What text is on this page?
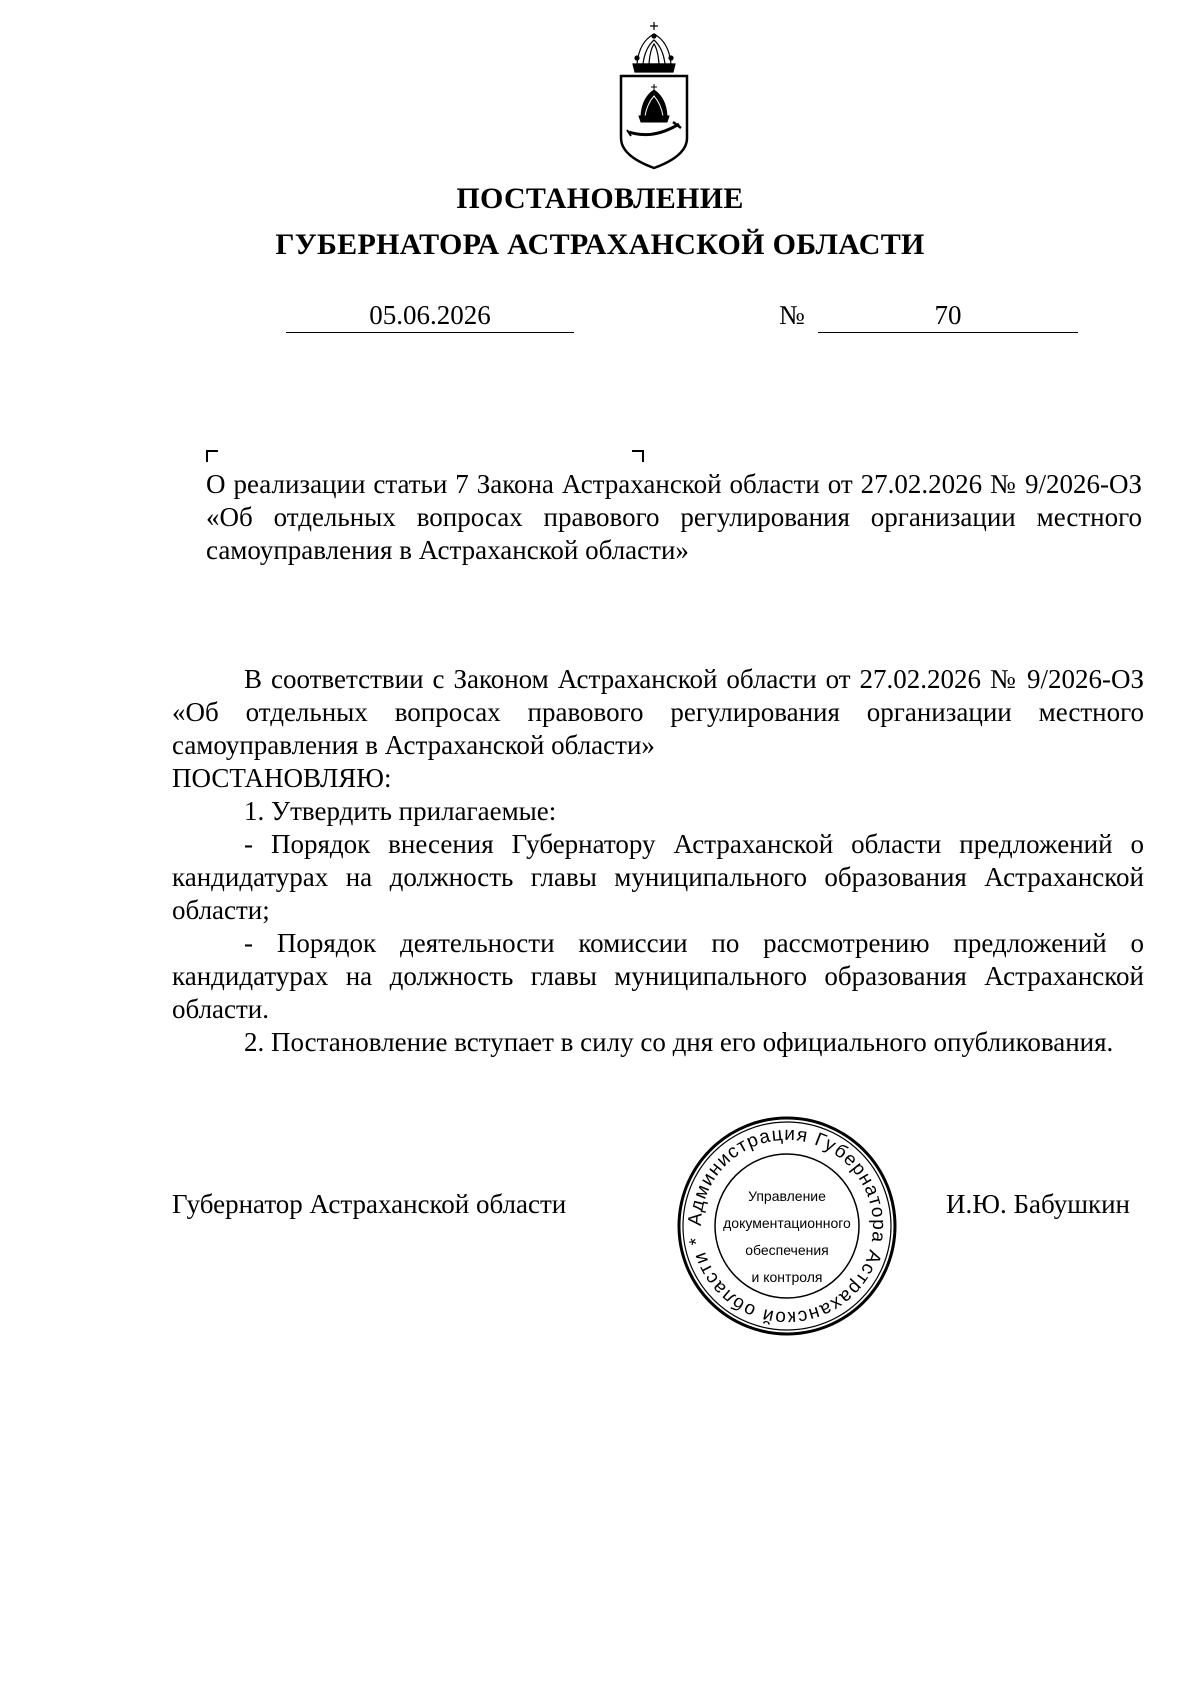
ПОСТАНОВЛЕНИЕ
ГУБЕРНАТОРА АСТРАХАНСКОЙ ОБЛАСТИ
05.06.2026	№	70
О реализации статьи 7 Закона Астраханской области от 27.02.2026 № 9/2026-ОЗ «Об отдельных вопросах правового регулирования организации местного самоуправления в Астраханской области»

В соответствии с Законом Астраханской области от 27.02.2026 № 9/2026-ОЗ «Об отдельных вопросах правового регулирования организации местного самоуправления в Астраханской области»

ПОСТАНОВЛЯЮ:

1. Утвердить прилагаемые:

- Порядок внесения Губернатору Астраханской области предложений о кандидатурах на должность главы муниципального образования Астраханской области;

- Порядок деятельности комиссии по рассмотрению предложений о кандидатурах на должность главы муниципального образования Астраханской области.

2. Постановление вступает в силу со дня его официального опубликования.

Губернатор Астраханской области	И.Ю. Бабушкин
Администрация Губернатора Астраханской области *
Управление
документационного
обеспечения
и контроля
